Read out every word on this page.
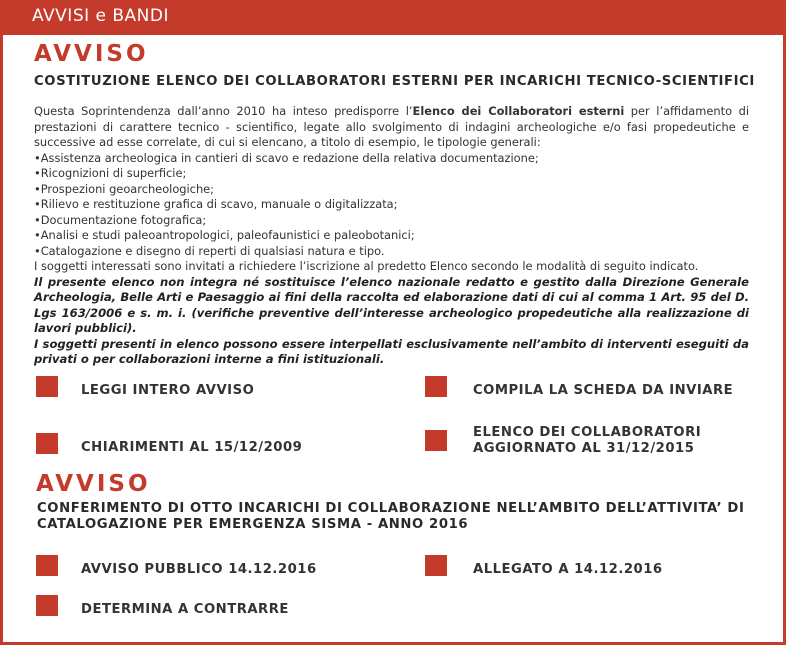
AVVISI e BANDI
AVVISO
COSTITUZIONE ELENCO DEI COLLABORATORI ESTERNI PER INCARICHI TECNICO-SCIENTIFICI

Questa Soprintendenza dall’anno 2010 ha inteso predisporre l’Elenco dei Collaboratori esterni per l’affidamento di prestazioni di carattere tecnico - scientifico, legate allo svolgimento di indagini archeologiche e/o fasi propedeutiche e successive ad esse correlate, di cui si elencano, a titolo di esempio, le tipologie generali:

• Assistenza archeologica in cantieri di scavo e redazione della relativa documentazione;
• Ricognizioni di superficie;
• Prospezioni geoarcheologiche;
• Rilievo e restituzione grafica di scavo, manuale o digitalizzata;
• Documentazione fotografica;
• Analisi e studi paleoantropologici, paleofaunistici e paleobotanici;
• Catalogazione e disegno di reperti di qualsiasi natura e tipo.

I soggetti interessati sono invitati a richiedere l’iscrizione al predetto Elenco secondo le modalità di seguito indicato.

Il presente elenco non integra né sostituisce l’elenco nazionale redatto e gestito dalla Direzione Generale Archeologia, Belle Arti e Paesaggio ai fini della raccolta ed elaborazione dati di cui al comma 1 Art. 95 del D. Lgs 163/2006 e s. m. i. (verifiche preventive dell’interesse archeologico propedeutiche alla realizzazione di lavori pubblici).

I soggetti presenti in elenco possono essere interpellati esclusivamente nell’ambito di interventi eseguiti da privati o per collaborazioni interne a fini istituzionali.

LEGGI INTERO AVVISO	COMPILA LA SCHEDA DA INVIARE
CHIARIMENTI AL 15/12/2009
ELENCO DEI COLLABORATORI
AGGIORNATO AL 31/12/2015
AVVISO
CONFERIMENTO DI OTTO INCARICHI DI COLLABORAZIONE NELL’AMBITO DELL’ATTIVITA’ DI
CATALOGAZIONE PER EMERGENZA SISMA - ANNO 2016
AVVISO PUBBLICO 14.12.2016	ALLEGATO A 14.12.2016
DETERMINA A CONTRARRE
